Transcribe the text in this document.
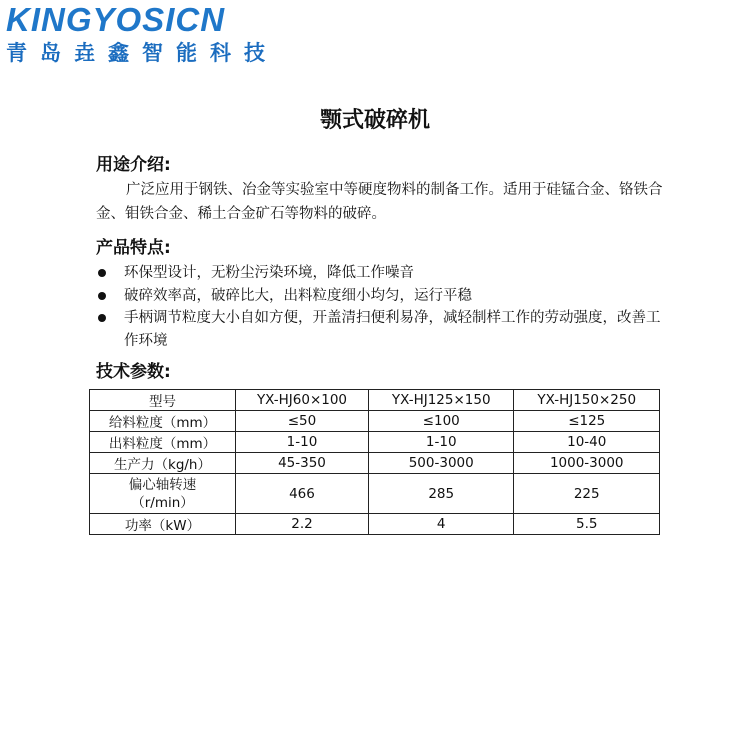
KINGYOSICN
青岛垚鑫智能科技
颚式破碎机
用途介绍:

广泛应用于钢铁、冶金等实验室中等硬度物料的制备工作。适用于硅锰合金、铬铁合金、钼铁合金、稀土合金矿石等物料的破碎。

产品特点:
环保型设计，无粉尘污染环境，降低工作噪音
破碎效率高，破碎比大，出料粒度细小均匀，运行平稳
手柄调节粒度大小自如方便，开盖清扫便利易净，减轻制样工作的劳动强度，改善工作环境
技术参数:
型号	YX-HJ60×100	YX-HJ125×150	YX-HJ150×250
给料粒度（mm）	≤50	≤100	≤125
出料粒度（mm）	1-10	1-10	10-40
生产力（kg/h）	45-350	500-3000	1000-3000
偏心轴转速（r/min）	466	285	225
功率（kW）	2.2	4	5.5
